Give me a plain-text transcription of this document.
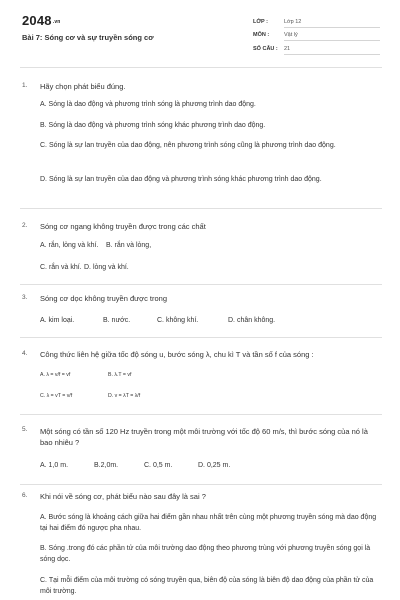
2048.vn
Bài 7: Sóng cơ và sự truyền sóng cơ
LỚP :	Lớp 12
MÔN :	Vật lý
SỐ CÂU :	21
1. Hãy chọn phát biểu đúng.
A. Sóng là dao động và phương trình sóng là phương trình dao động.
B. Sóng là dao động và phương trình sóng khác phương trình dao động.
C. Sóng là sự lan truyền của dao động, nên phương trình sóng cũng là phương trình dao động.
D. Sóng là sự lan truyền của dao động và phương trình sóng khác phương trình dao động.
2. Sóng cơ ngang không truyền được trong các chất
A. rắn, lỏng và khí. B. rắn và lỏng,
C. rắn và khí. D. lỏng và khí.
3. Sóng cơ dọc không truyền được trong
A. kim loại.	B. nước.	C. không khí.	D. chân không.
4. Công thức liên hệ giữa tốc độ sóng u, bước sóng λ, chu kì T và tần số f của sóng :
A. λ = v/f = vf	B. λ.T = vf
C. λ = vT = v/f	D. v = λT = λ/f
5. Một sóng có tần số 120 Hz truyền trong một môi trường với tốc độ 60 m/s, thì bước sóng của nó là bao nhiêu ?
A. 1,0 m.	B.2,0m.	C. 0,5 m.	D. 0,25 m.
6. Khi nói về sóng cơ, phát biểu nào sau đây là sai ?
A. Bước sóng là khoảng cách giữa hai điểm gần nhau nhất trên cùng một phương truyền sóng mà dao động tại hai điểm đó ngược pha nhau.
B. Sóng .trong đó các phần tử của môi trường dao động theo phương trùng với phương truyền sóng gọi là sóng dọc.
C. Tại mỗi điểm của môi trường có sóng truyền qua, biên độ của sóng là biên độ dao động của phần tử của môi trường.
